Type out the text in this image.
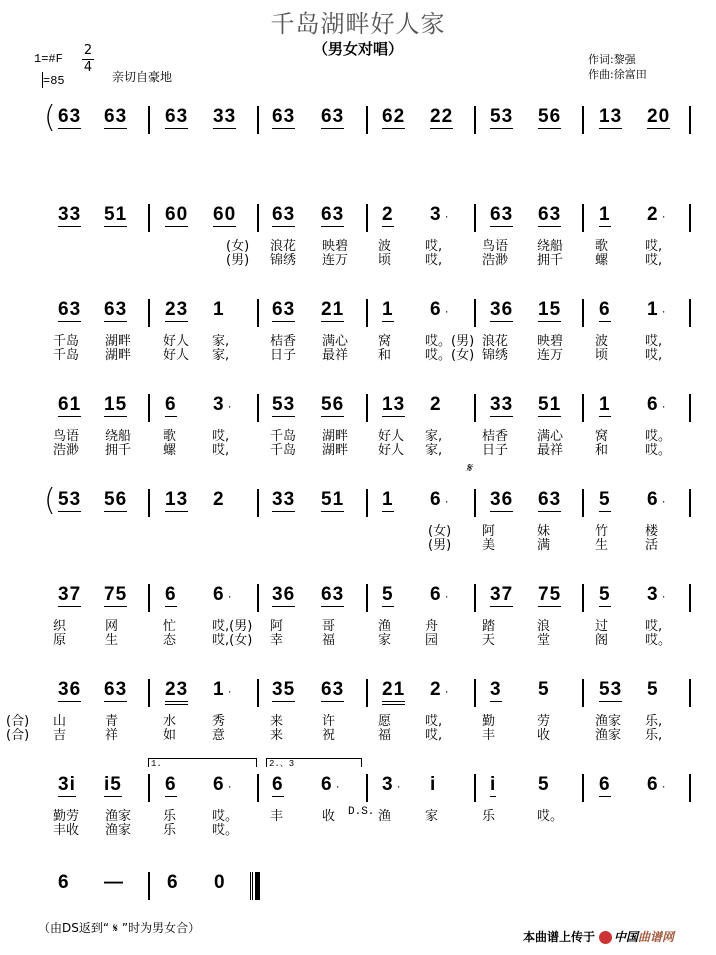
千岛湖畔好人家
（男女对唱）
1=#F
2
4
=85	亲切自豪地
作词:黎强
作曲:徐富田
( 63 63 63 33 63 63 62 22 53 56 13 20
33 51 60 60 63 63 2 3 · 63 63 1 2 ·
(女) 浪花 映碧 波	哎,	鸟语 绕船 歌	哎,
(男) 锦绣 连万 顷	哎,	浩渺 拥千 螺	哎,
63 63 23 1 63 21 1 6 · 36 15 6 1 ·
千岛 湖畔 好人 家,	桔香 满心 窝	哎。(男) 浪花 映碧 波	哎,
千岛 湖畔 好人 家,	日子 最祥 和	哎。(女) 锦绣 连万 顷	哎,
61 15 6 3 · 53 56 13 2	33 51 1 6 ·
鸟语 绕船 歌	哎,	千岛 湖畔 好人 家,	桔香 满心 窝	哎。
浩渺 拥千 螺	哎,	千岛 湖畔 好人 家,	日子 最祥 和	哎。
( 53 56 13 2 33 51 1 6 · 36 63 5 6 ·
(女) 阿	妹	竹	楼
(男) 美	满	生	活
𝄋
37 75 6 6 · 36 63 5 6 · 37 75 5 3 ·
织	网	忙	哎,(男) 阿	哥	渔	舟	踏	浪	过	哎,
原	生	态	哎,(女) 幸	福	家	园	天	堂	阁	哎。
36 63 23 1 · 35 63 21 2 · 3 5	53 5
(合) 山	青	水	秀	来	许	愿	哎,	勤	劳	渔家 乐,
(合) 吉	祥	如	意	来	祝	福	哎,	丰	收	渔家 乐,
3i i5 6 6 · 6 6 · 3 · i	i 5	6 6 ·
勤劳 渔家 乐	哎。 丰	收	渔	家	乐	哎。
丰收 渔家 乐	哎。
1.	2.、3
D.S.
6 — 6 0
（由DS返到“ 𝄋 ”时为男女合）
本曲谱上传于 中国曲谱网
